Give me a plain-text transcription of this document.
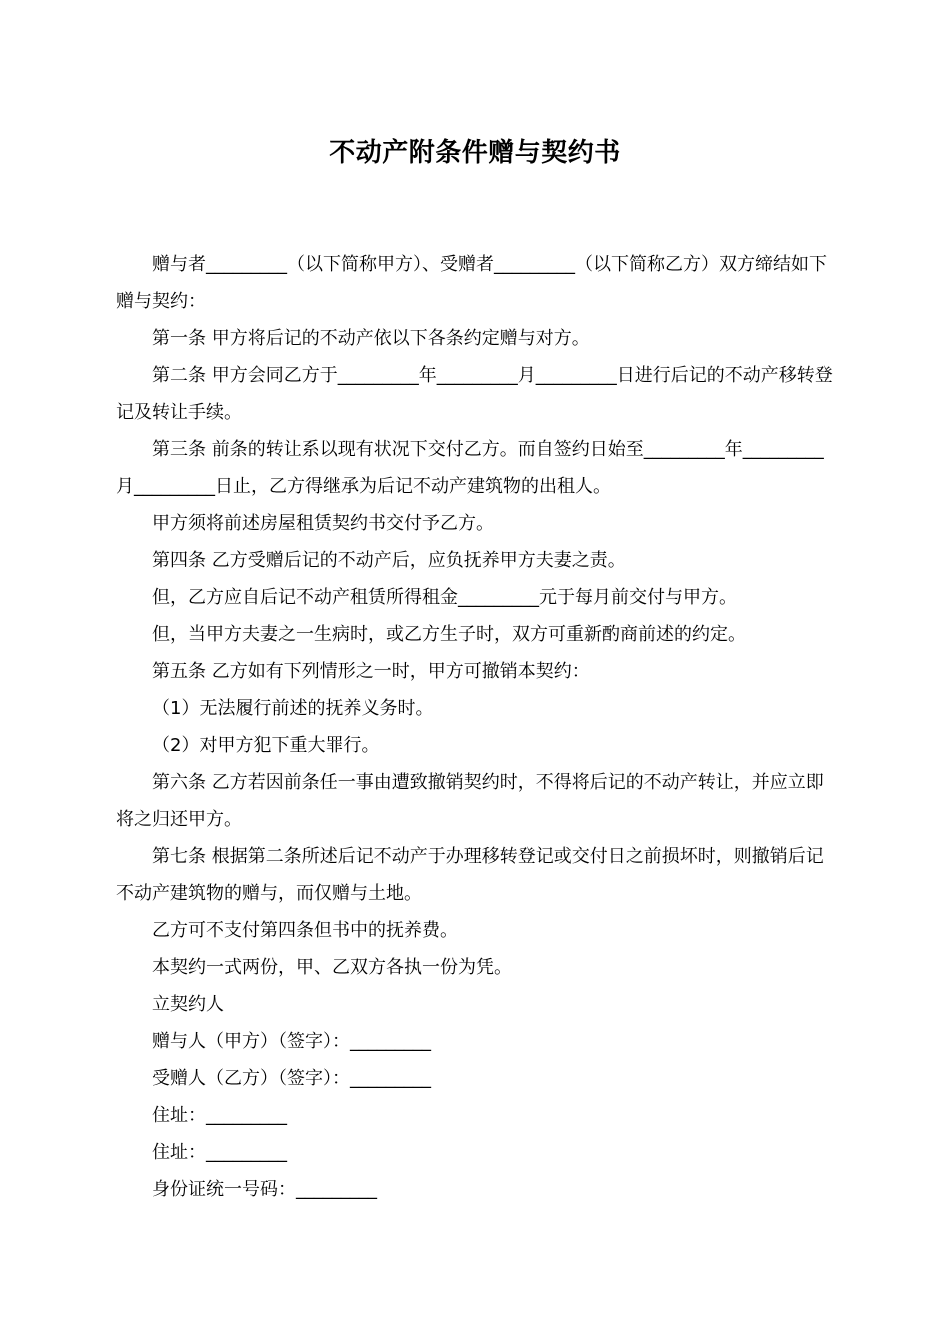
不动产附条件赠与契约书

赠与者_________（以下简称甲方）、受赠者_________（以下简称乙方）双方缔结如下赠与契约：

第一条 甲方将后记的不动产依以下各条约定赠与对方。

第二条 甲方会同乙方于_________年_________月_________日进行后记的不动产移转登记及转让手续。

第三条 前条的转让系以现有状况下交付乙方。而自签约日始至_________年_________月_________日止，乙方得继承为后记不动产建筑物的出租人。

甲方须将前述房屋租赁契约书交付予乙方。

第四条 乙方受赠后记的不动产后，应负抚养甲方夫妻之责。

但，乙方应自后记不动产租赁所得租金_________元于每月前交付与甲方。

但，当甲方夫妻之一生病时，或乙方生子时，双方可重新酌商前述的约定。

第五条 乙方如有下列情形之一时，甲方可撤销本契约：

（1）无法履行前述的抚养义务时。

（2）对甲方犯下重大罪行。

第六条 乙方若因前条任一事由遭致撤销契约时，不得将后记的不动产转让，并应立即将之归还甲方。

第七条 根据第二条所述后记不动产于办理移转登记或交付日之前损坏时，则撤销后记不动产建筑物的赠与，而仅赠与土地。

乙方可不支付第四条但书中的抚养费。

本契约一式两份，甲、乙双方各执一份为凭。

立契约人

赠与人（甲方）（签字）：_________

受赠人（乙方）（签字）：_________

住址：_________

住址：_________

身份证统一号码：_________
